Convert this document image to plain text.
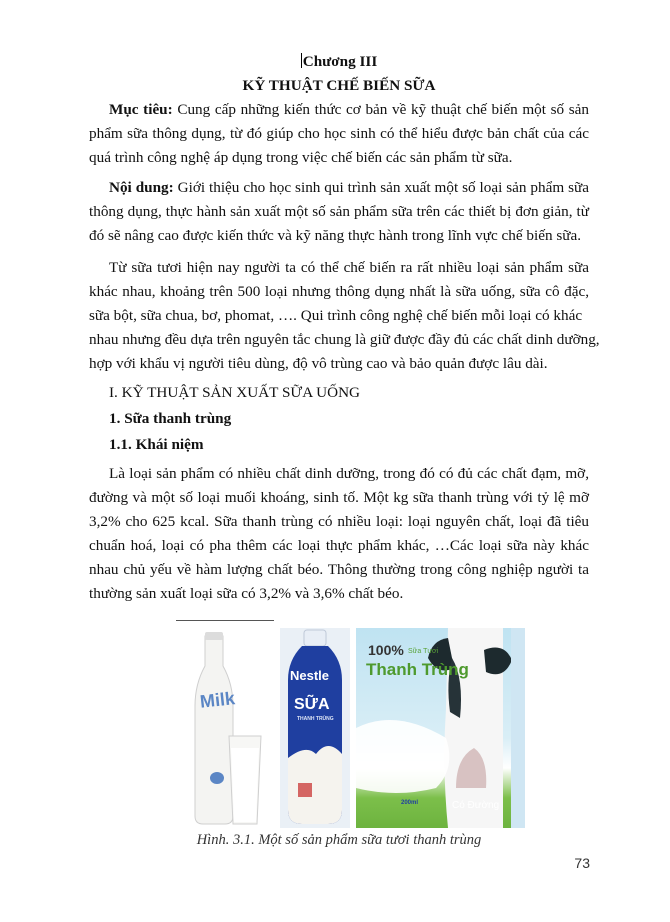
Chương III
KỸ THUẬT CHẾ BIẾN SỮA
Mục tiêu: Cung cấp những kiến thức cơ bản về kỹ thuật chế biến một số sản
phẩm sữa thông dụng, từ đó giúp cho học sinh có thể hiểu được bản chất của các
quá trình công nghệ áp dụng trong việc chế biến các sản phẩm từ sữa.
Nội dung: Giới thiệu cho học sinh qui trình sản xuất một số loại sản phẩm sữa
thông dụng, thực hành sản xuất một số sản phẩm sữa trên các thiết bị đơn giản, từ
đó sẽ nâng cao được kiến thức và kỹ năng thực hành trong lĩnh vực chế biến sữa.
Từ sữa tươi hiện nay người ta có thể chế biến ra rất nhiều loại sản phẩm sữa
khác nhau, khoảng trên 500 loại nhưng thông dụng nhất là sữa uống, sữa cô đặc,
sữa bột, sữa chua, bơ, phomat, …. Qui trình công nghệ chế biến mỗi loại có khác
nhau nhưng đều dựa trên nguyên tắc chung là giữ được đầy đủ các chất dinh dưỡng,
hợp với khẩu vị người tiêu dùng, độ vô trùng cao và bảo quản được lâu dài.
I. KỸ THUẬT SẢN XUẤT SỮA UỐNG
1. Sữa thanh trùng
1.1. Khái niệm
Là loại sản phẩm có nhiều chất dinh dưỡng, trong đó có đủ các chất đạm, mỡ,
đường và một số loại muối khoáng, sinh tố. Một kg sữa thanh trùng với tỷ lệ mỡ
3,2% cho 625 kcal. Sữa thanh trùng có nhiều loại: loại nguyên chất, loại đã tiêu
chuẩn hoá, loại có pha thêm các loại thực phẩm khác, …Các loại sữa này khác
nhau chủ yếu về hàm lượng chất béo. Thông thường trong công nghiệp người ta
thường sản xuất loại sữa có 3,2% và 3,6% chất béo.
Milk
Nestle
SỮA
THANH TRÙNG
100% Sữa Tươi
Thanh Trùng
200ml	Có Đường
Hình. 3.1. Một số sản phẩm sữa tươi thanh trùng
73
